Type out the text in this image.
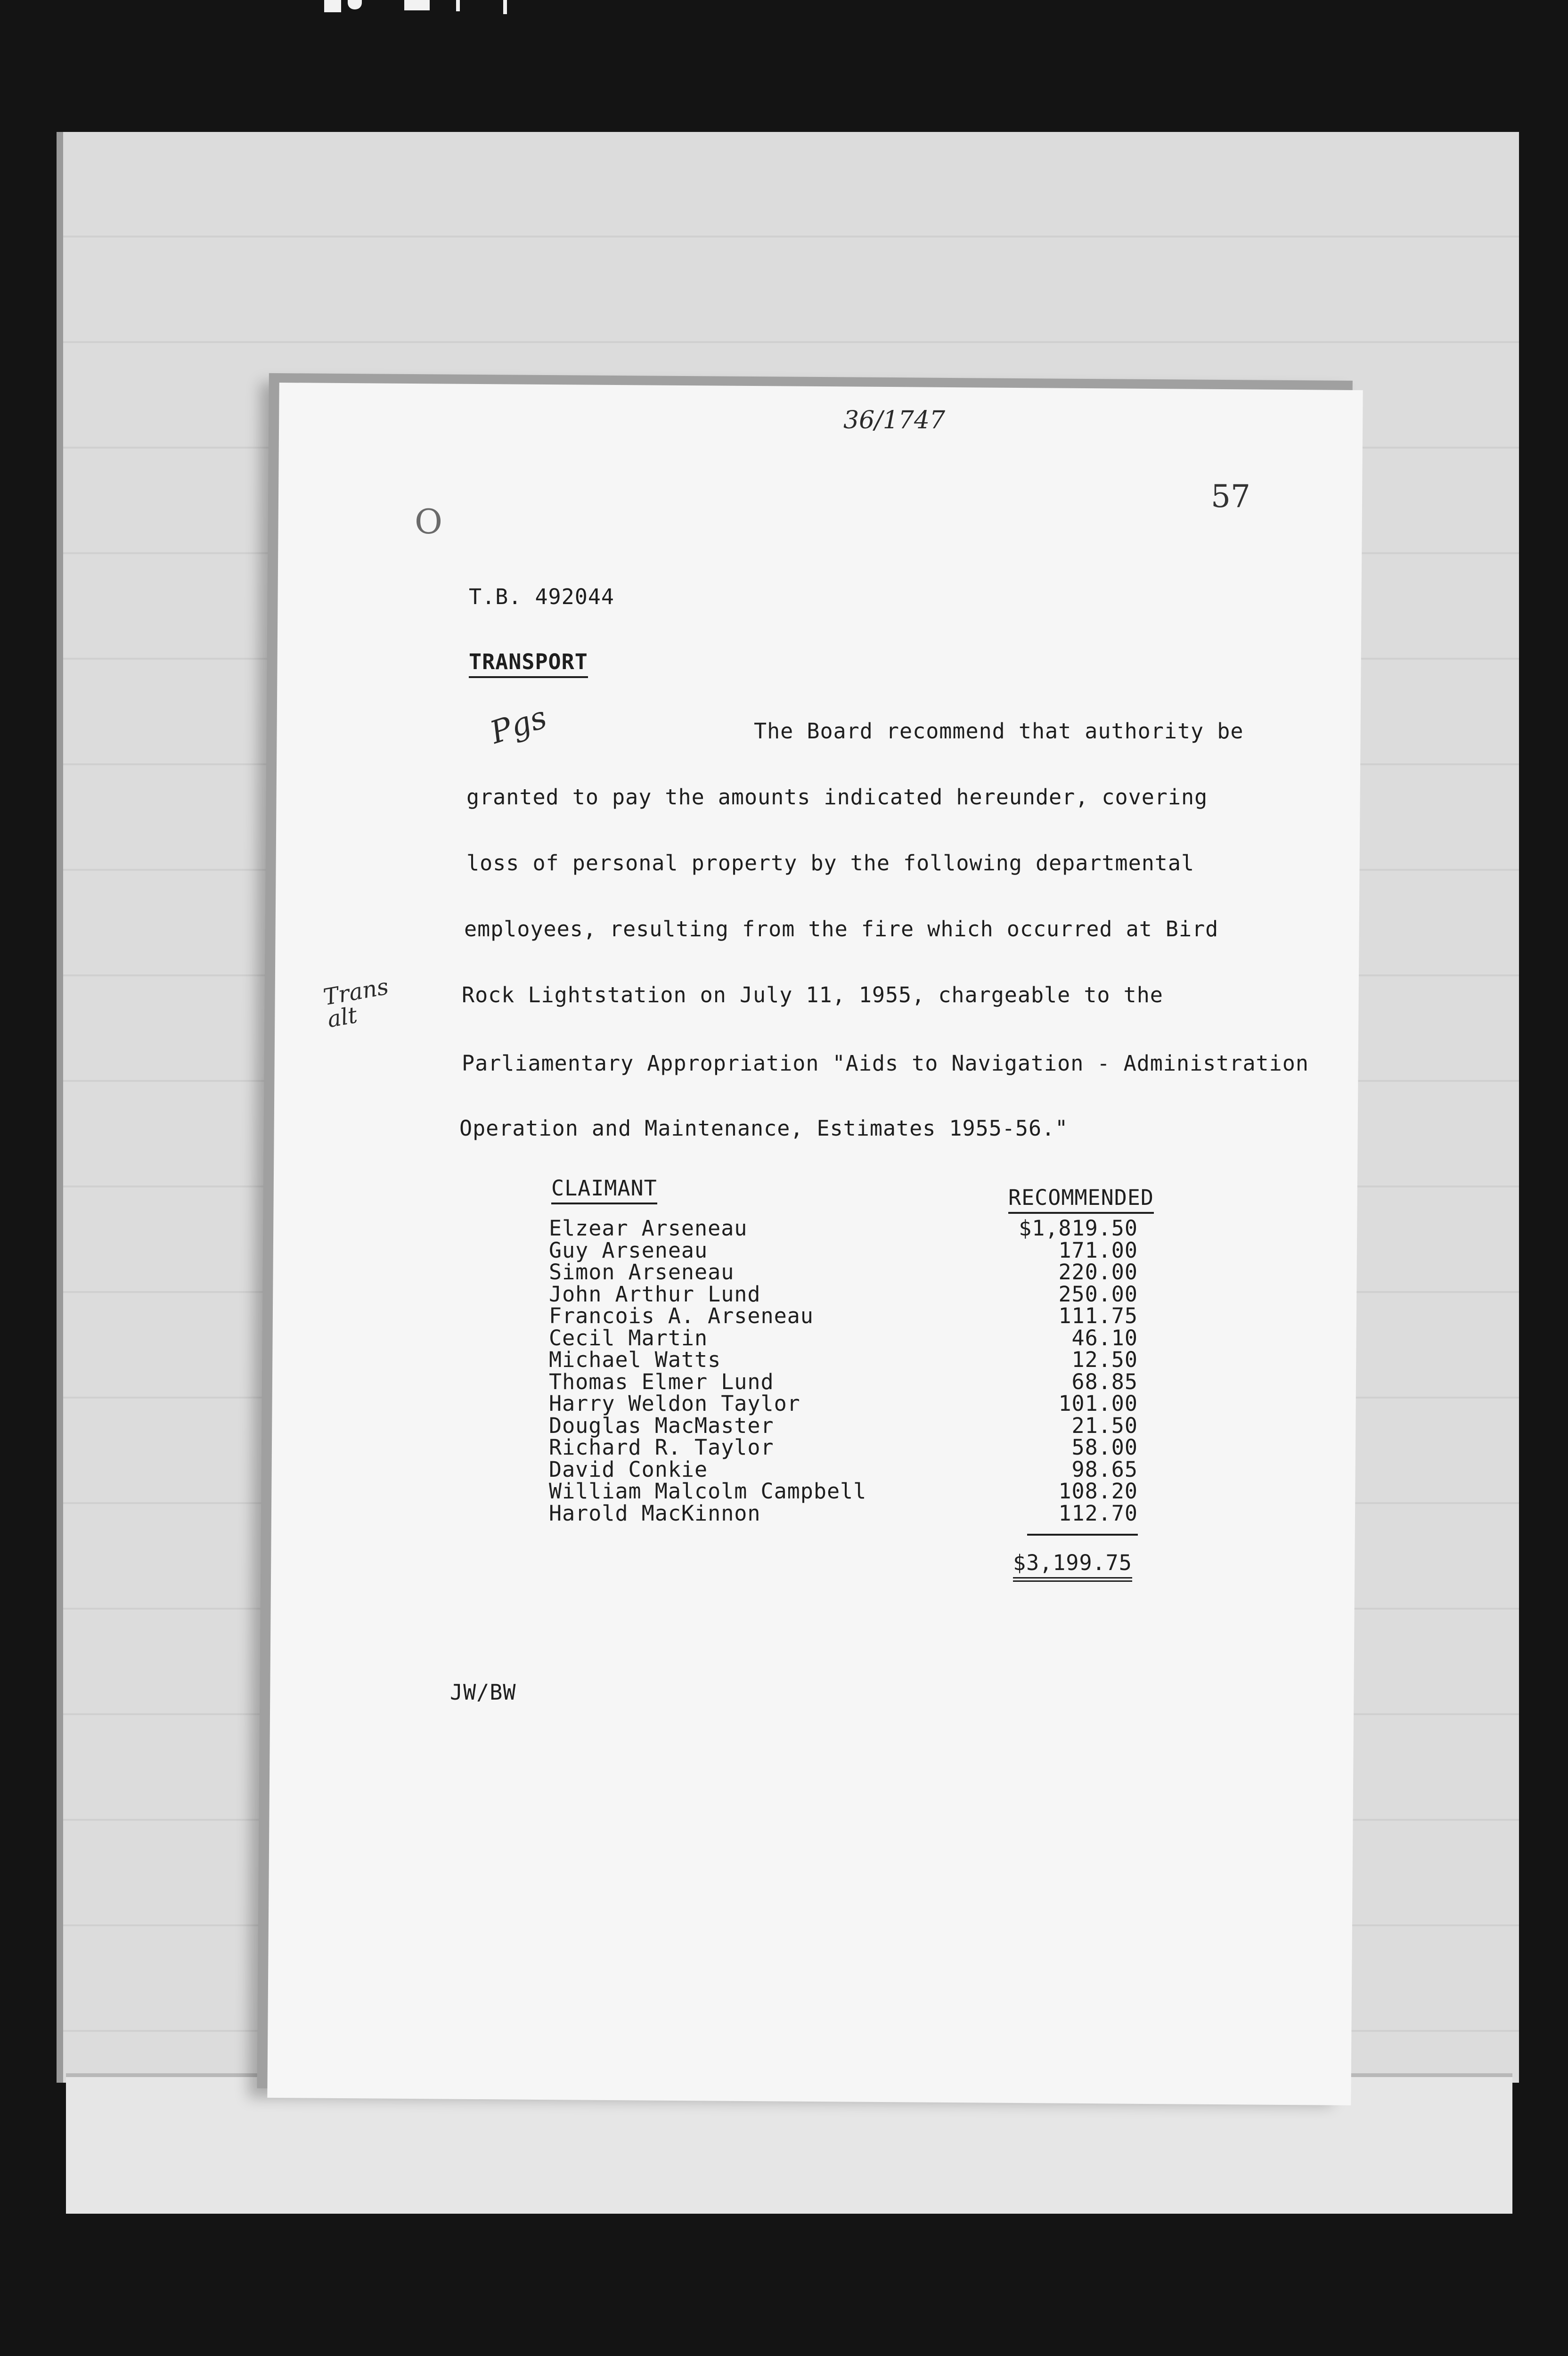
36/1747
O
57
T.B. 492044
TRANSPORT
Pgs
Trans alt
The Board recommend that authority be
granted to pay the amounts indicated hereunder, covering
loss of personal property by the following departmental
employees, resulting from the fire which occurred at Bird
Rock Lightstation on July 11, 1955, chargeable to the
Parliamentary Appropriation "Aids to Navigation - Administration
Operation and Maintenance, Estimates 1955-56."
CLAIMANT	RECOMMENDED
Elzear Arseneau	$1,819.50
Guy Arseneau	171.00
Simon Arseneau	220.00
John Arthur Lund	250.00
Francois A. Arseneau	111.75
Cecil Martin	46.10
Michael Watts	12.50
Thomas Elmer Lund	68.85
Harry Weldon Taylor	101.00
Douglas MacMaster	21.50
Richard R. Taylor	58.00
David Conkie	98.65
William Malcolm Campbell	108.20
Harold MacKinnon	112.70
$3,199.75
JW/BW
